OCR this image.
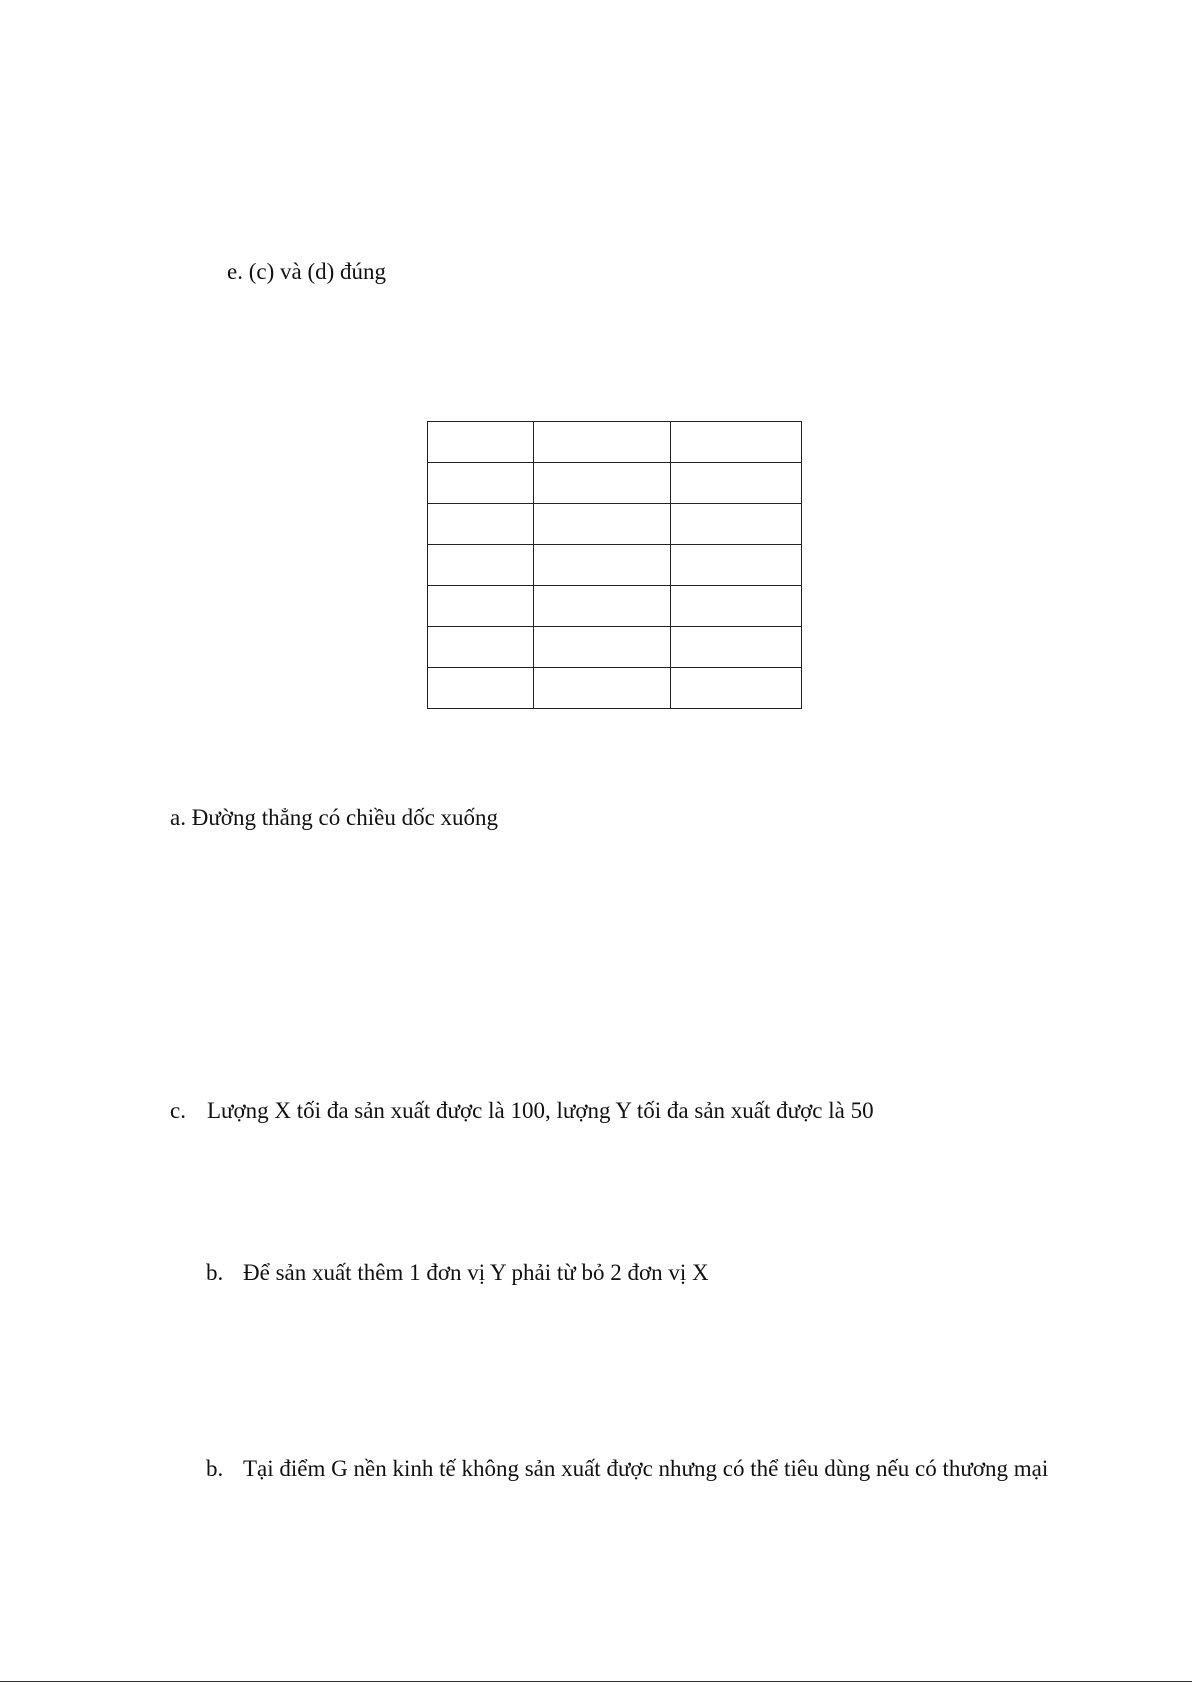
e. (c) và (d) đúng

a. Đường thẳng có chiều dốc xuống
c. Lượng X tối đa sản xuất được là 100, lượng Y tối đa sản xuất được là 50
b. Để sản xuất thêm 1 đơn vị Y phải từ bỏ 2 đơn vị X
b. Tại điểm G nền kinh tế không sản xuất được nhưng có thể tiêu dùng nếu có thương mại
